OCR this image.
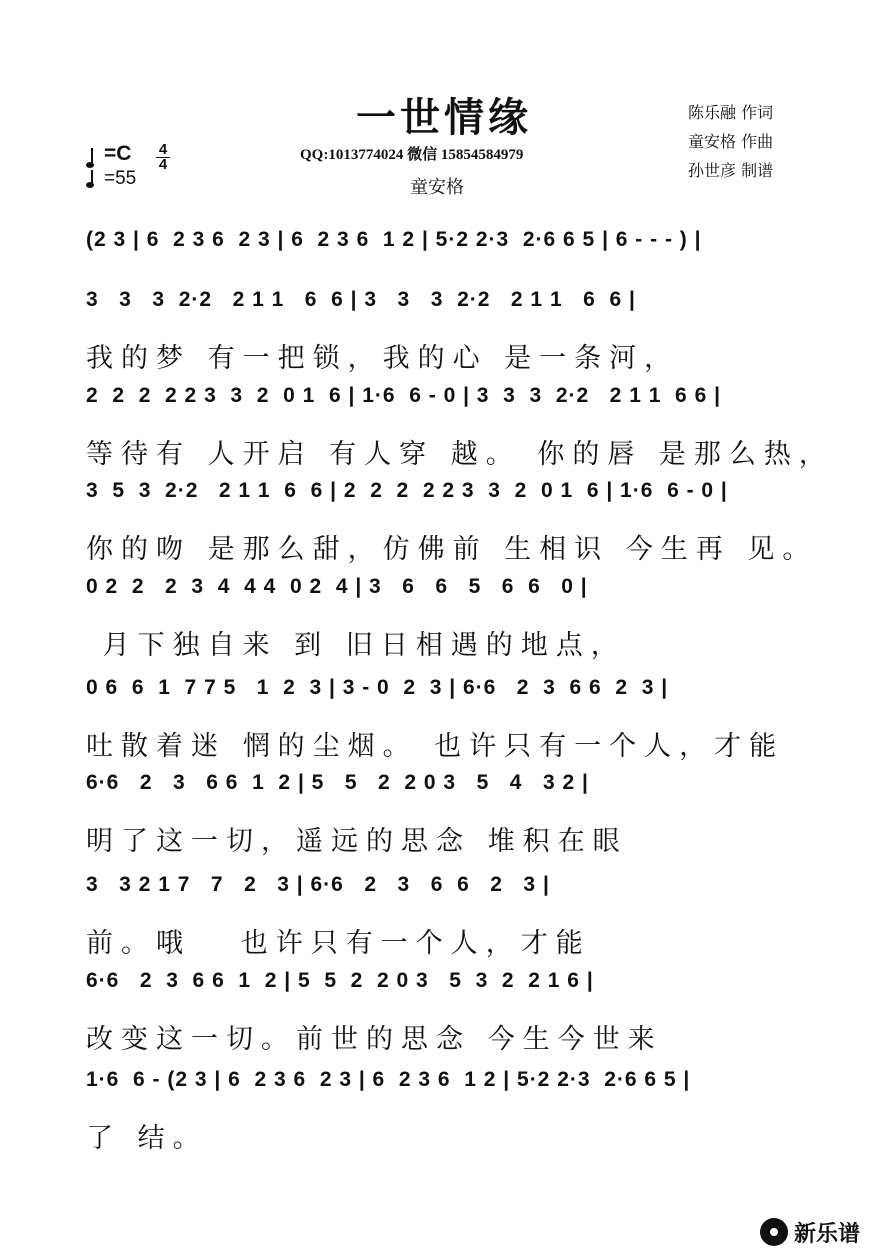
一世情缘
QQ:1013774024 微信 15854584979
童安格
陈乐融 作词
童安格 作曲
孙世彦 制谱
=C 4
4
=55
(2 3 | 6  2 3 6  2 3 | 6  2 3 6  1 2 | 5·2 2·3  2·6 6 5 | 6 - - - ) |
3   3   3  2·2   2 1 1   6  6 | 3   3   3  2·2   2 1 1   6  6 |
我的梦 有一把锁，我的心 是一条河，
2  2  2  2 2 3  3  2  0 1  6 | 1·6  6 - 0 | 3  3  3  2·2   2 1 1  6 6 |
等待有 人开启 有人穿 越。 你的唇 是那么热，
3  5  3  2·2   2 1 1  6  6 | 2  2  2  2 2 3  3  2  0 1  6 | 1·6  6 - 0 |
你的吻 是那么甜，仿佛前 生相识 今生再 见。
0 2  2   2  3  4  4 4  0 2  4 | 3   6   6   5   6  6   0 |
月下独自来 到 旧日相遇的地点，
0 6  6  1  7 7 5   1  2  3 | 3 - 0  2  3 | 6·6   2  3  6 6  2  3 |
吐散着迷 惘的尘烟。 也许只有一个人，才能
6·6   2   3   6 6  1  2 | 5   5   2  2 0 3   5   4   3 2 |
明了这一切，遥远的思念 堆积在眼
3   3 2 1 7   7   2   3 | 6·6   2   3   6  6   2   3 |
前。哦   也许只有一个人，才能
6·6   2  3  6 6  1  2 | 5  5  2  2 0 3   5  3  2  2 1 6 |
改变这一切。前世的思念 今生今世来
1·6  6 - (2 3 | 6  2 3 6  2 3 | 6  2 3 6  1 2 | 5·2 2·3  2·6 6 5 |
了 结。
新乐谱
